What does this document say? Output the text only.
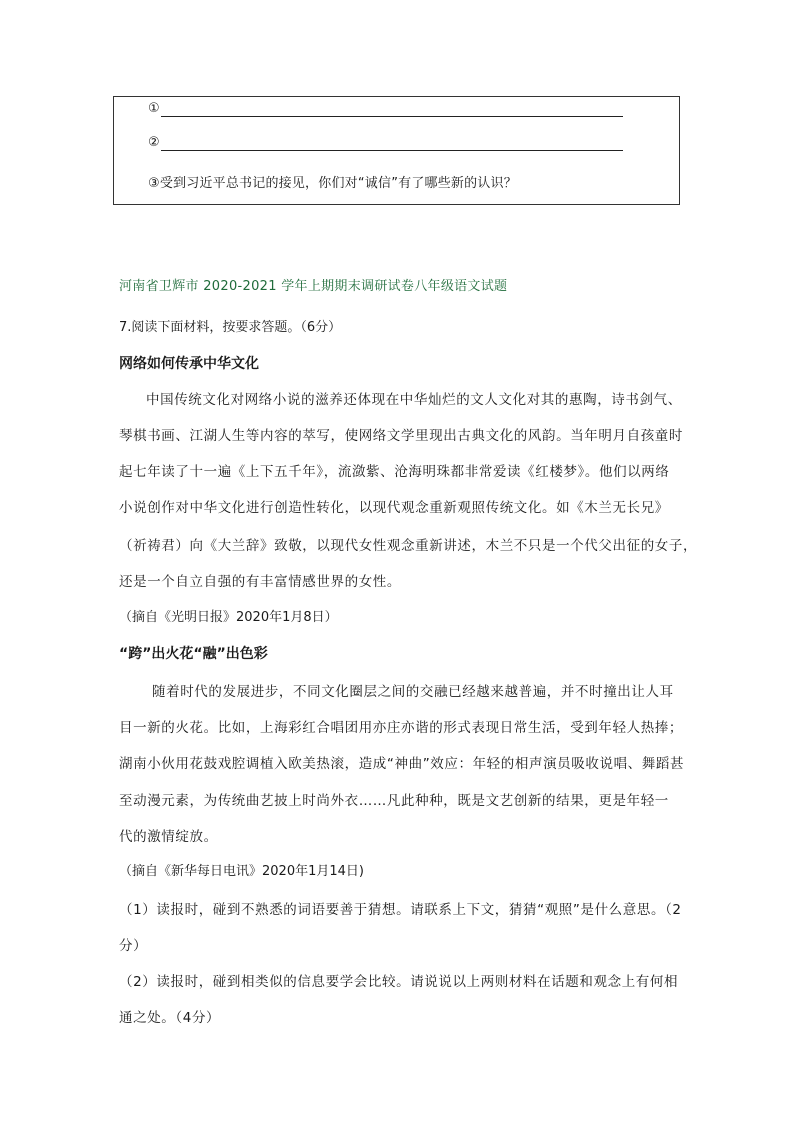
①
②
③受到习近平总书记的接见，你们对“诚信”有了哪些新的认识？
河南省卫辉市 2020-2021 学年上期期末调研试卷八年级语文试题
7.阅读下面材料，按要求答题。（6分）
网络如何传承中华文化
中国传统文化对网络小说的滋养还体现在中华灿烂的文人文化对其的惠陶，诗书剑气、
琴棋书画、江湖人生等内容的萃写，使网络文学里现出古典文化的风韵。当年明月自孩童时
起七年读了十一遍《上下五千年》，流潋紫、沧海明珠都非常爱读《红楼梦》。他们以两络
小说创作对中华文化进行创造性转化，以现代观念重新观照传统文化。如《木兰无长兄》
（祈祷君）向《大兰辞》致敬，以现代女性观念重新讲述，木兰不只是一个代父出征的女子，
还是一个自立自强的有丰富情感世界的女性。
（摘自《光明日报》2020年1月8日）
“跨”出火花“融”出色彩
随着时代的发展进步，不同文化圈层之间的交融已经越来越普遍，并不时撞出让人耳
目一新的火花。比如，上海彩红合唱团用亦庄亦谐的形式表现日常生活，受到年轻人热捧；
湖南小伙用花鼓戏腔调植入欧美热滚，造成“神曲”效应：年轻的相声演员吸收说唱、舞蹈甚
至动漫元素，为传统曲艺披上时尚外衣……凡此种种，既是文艺创新的结果，更是年轻一
代的激情绽放。
（摘自《新华每日电讯》2020年1月14日)
（1）读报时，碰到不熟悉的词语要善于猜想。请联系上下文，猜猜“观照”是什么意思。（2
分）
（2）读报时，碰到相类似的信息要学会比较。请说说以上两则材料在话题和观念上有何相
通之处。（4分）
